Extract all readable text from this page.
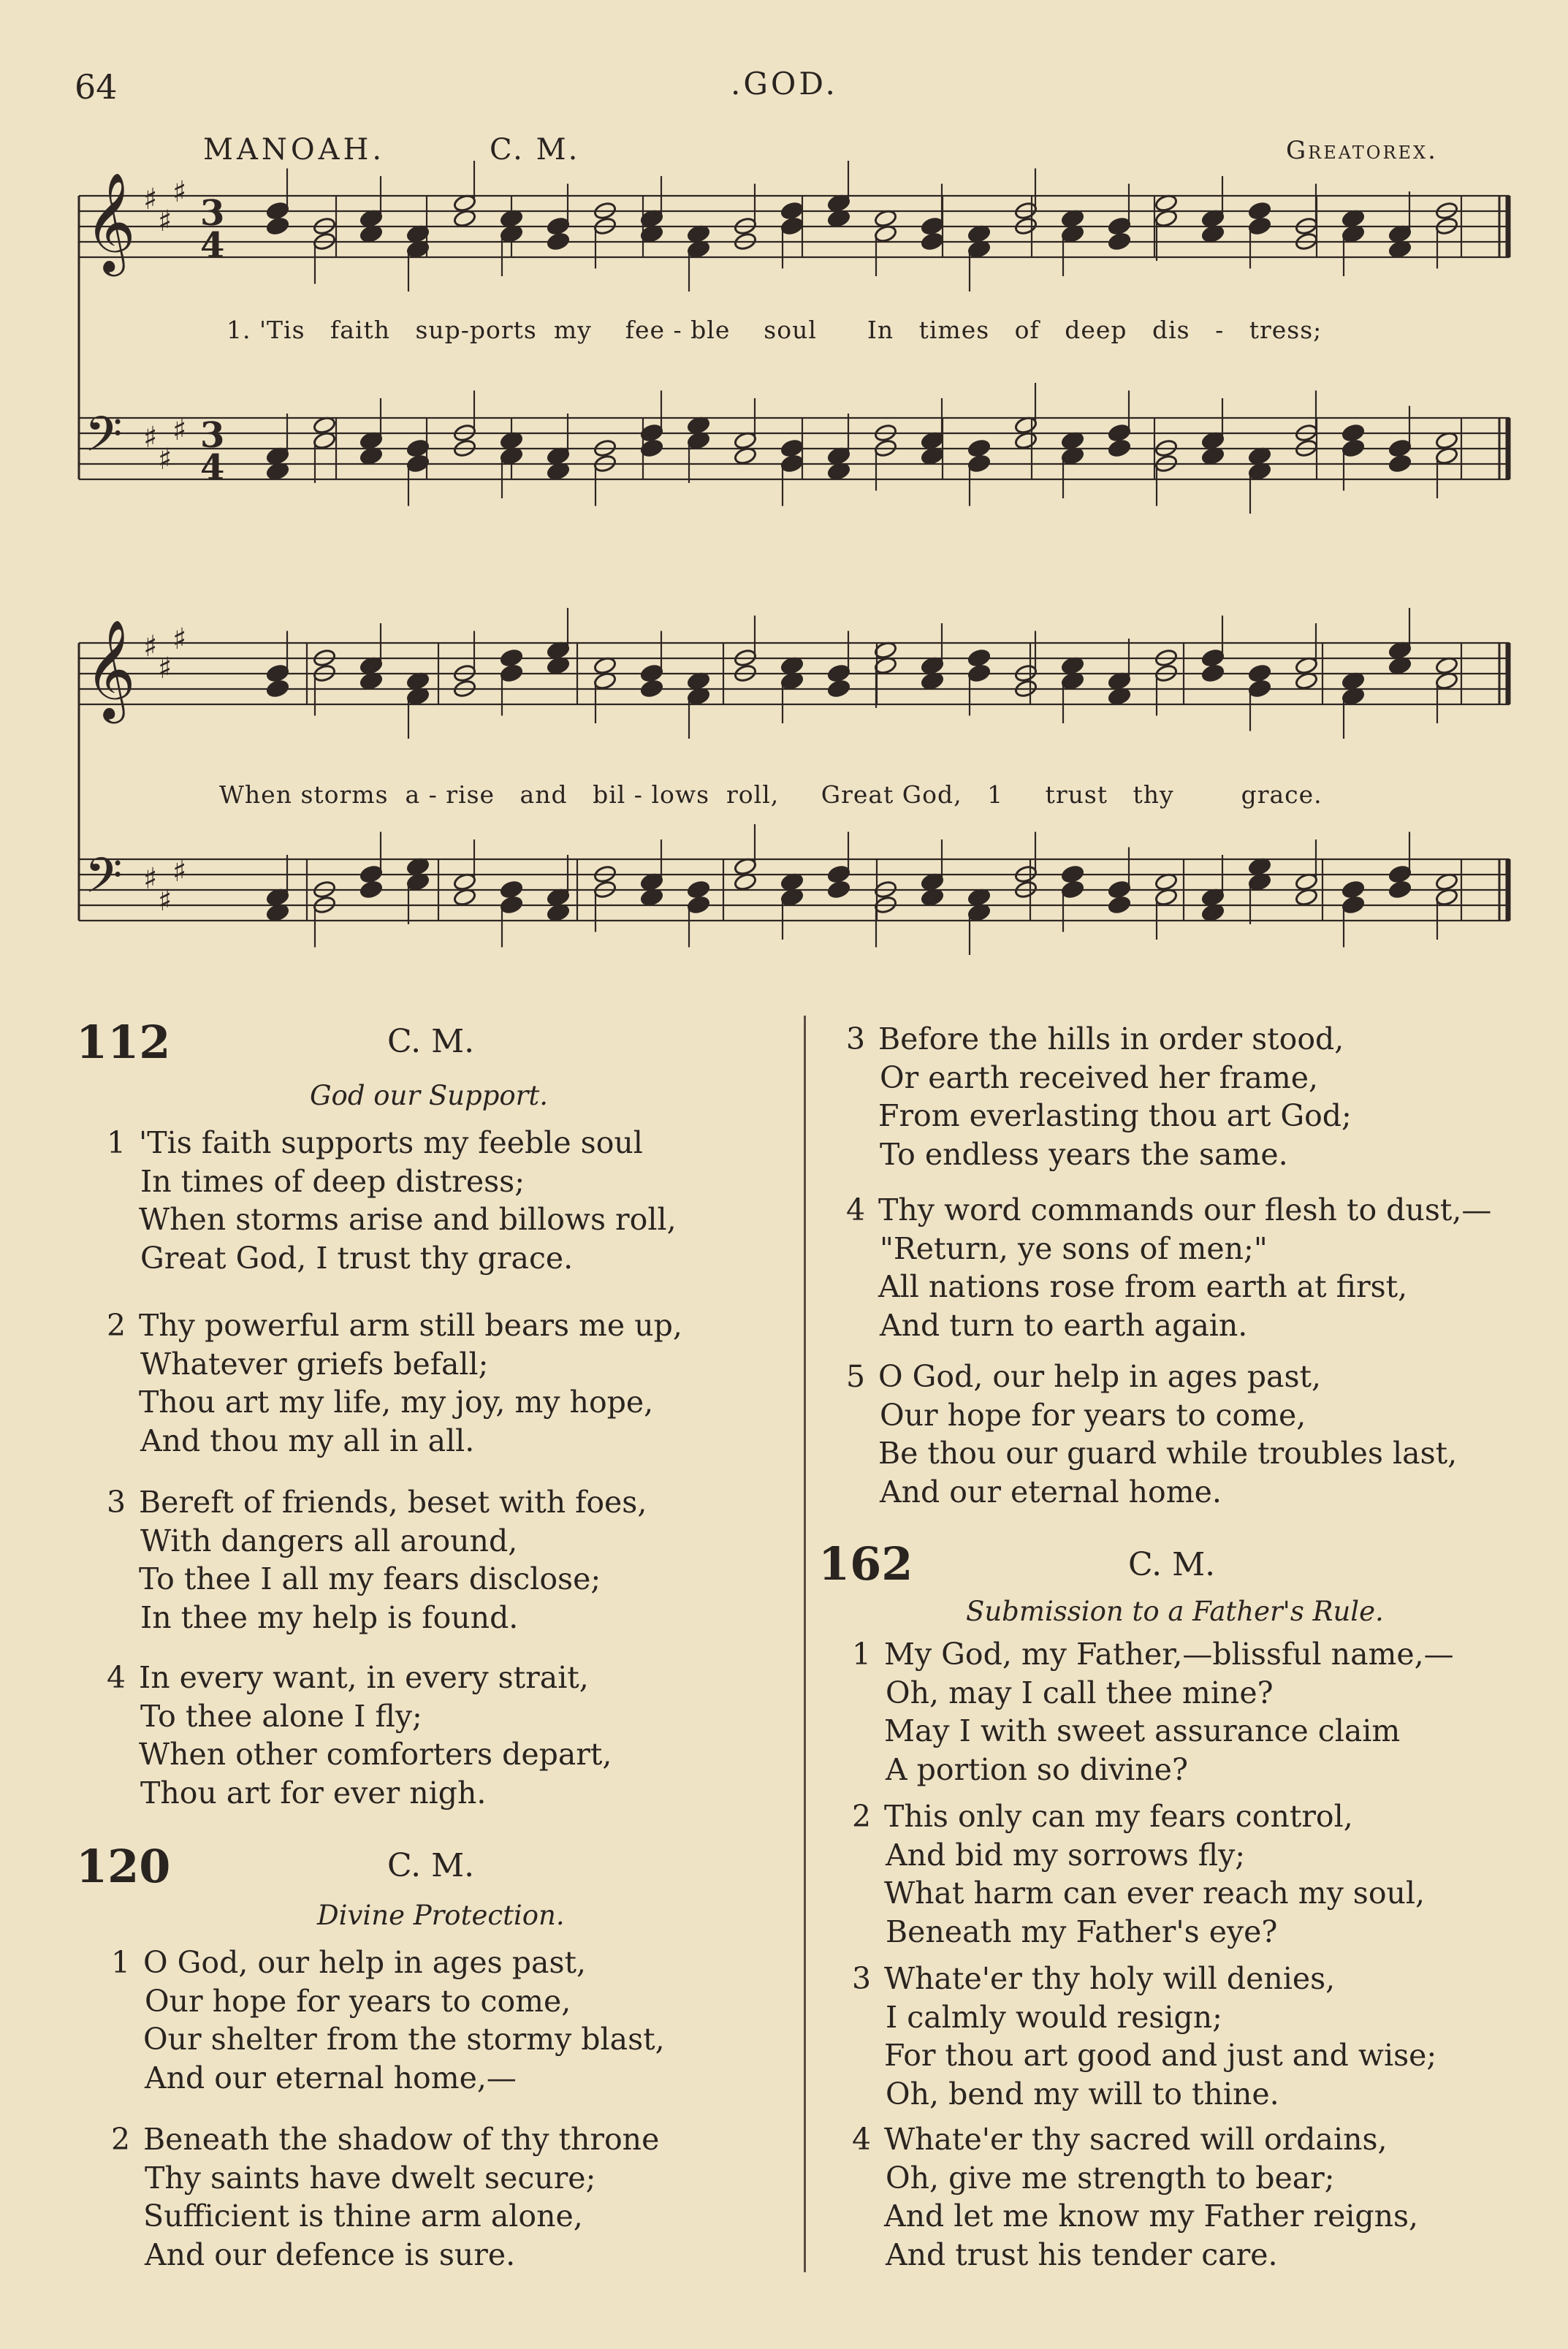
64	.GOD.
MANOAH.	C. M.	Greatorex.
𝄞 ♯
♯
♯
3
4
𝄢 ♯
♯
♯ 3
4
𝄞 ♯
♯
♯
𝄢 ♯
♯
♯
1. 'Tis   faith   sup-ports  my    fee - ble    soul      In   times   of   deep   dis   -   tress;
When storms  a - rise   and   bil - lows  roll,     Great God,   1     trust   thy        grace.
112	C. M.
God our Support.
1 'Tis faith supports my feeble soul
In times of deep distress;
When storms arise and billows roll,
Great God, I trust thy grace.
2 Thy powerful arm still bears me up,
Whatever griefs befall;
Thou art my life, my joy, my hope,
And thou my all in all.
3 Bereft of friends, beset with foes,
With dangers all around,
To thee I all my fears disclose;
In thee my help is found.
4 In every want, in every strait,
To thee alone I fly;
When other comforters depart,
Thou art for ever nigh.
120	C. M.
Divine Protection.
1 O God, our help in ages past,
Our hope for years to come,
Our shelter from the stormy blast,
And our eternal home,—
2 Beneath the shadow of thy throne
Thy saints have dwelt secure;
Sufficient is thine arm alone,
And our defence is sure.
3 Before the hills in order stood,
Or earth received her frame,
From everlasting thou art God;
To endless years the same.
4 Thy word commands our flesh to dust,—
"Return, ye sons of men;"
All nations rose from earth at first,
And turn to earth again.
5 O God, our help in ages past,
Our hope for years to come,
Be thou our guard while troubles last,
And our eternal home.
162	C. M.
Submission to a Father's Rule.
1 My God, my Father,—blissful name,—
Oh, may I call thee mine?
May I with sweet assurance claim
A portion so divine?
2 This only can my fears control,
And bid my sorrows fly;
What harm can ever reach my soul,
Beneath my Father's eye?
3 Whate'er thy holy will denies,
I calmly would resign;
For thou art good and just and wise;
Oh, bend my will to thine.
4 Whate'er thy sacred will ordains,
Oh, give me strength to bear;
And let me know my Father reigns,
And trust his tender care.
